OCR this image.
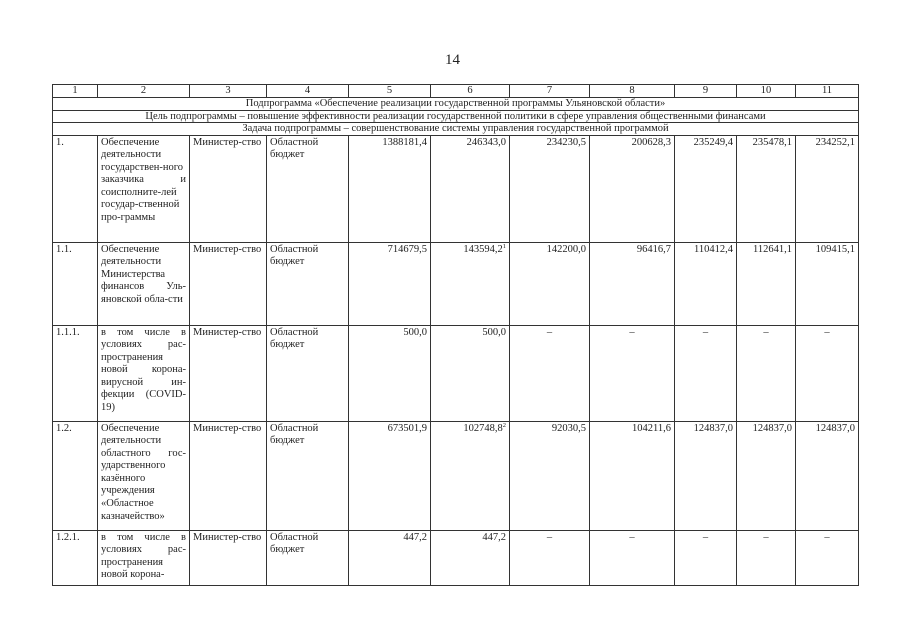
14
1	2	3	4	5	6	7	8	9	10	11
Подпрограмма «Обеспечение реализации государственной программы Ульяновской области»										
Цель подпрограммы – повышение эффективности реализации государственной политики в сфере управления общественными финансами										
Задача подпрограммы – совершенствование системы управления государственной программой										
1.	Обеспечение деятельности государствен-ного заказчика и соисполните-лей государ-ственной про-граммы	Министер-ство	Областной бюджет	1388181,4	246343,0	234230,5	200628,3	235249,4	235478,1	234252,1
1.1.	Обеспечение деятельности Министерства финансов Уль-яновской обла-сти	Министер-ство	Областной бюджет	714679,5	143594,2$^1$	142200,0	96416,7	110412,4	112641,1	109415,1
1.1.1.	в том числе в условиях рас-пространения новой корона-вирусной ин-фекции (COVID-19)	Министер-ство	Областной бюджет	500,0	500,0	–	–	–	–	–
1.2.	Обеспечение деятельности областного гос-ударственного казённого учреждения «Областное казначейство»	Министер-ство	Областной бюджет	673501,9	102748,8$^2$	92030,5	104211,6	124837,0	124837,0	124837,0
1.2.1.	в том числе в условиях рас-пространения новой корона-	Министер-ство	Областной бюджет	447,2	447,2	–	–	–	–	–
